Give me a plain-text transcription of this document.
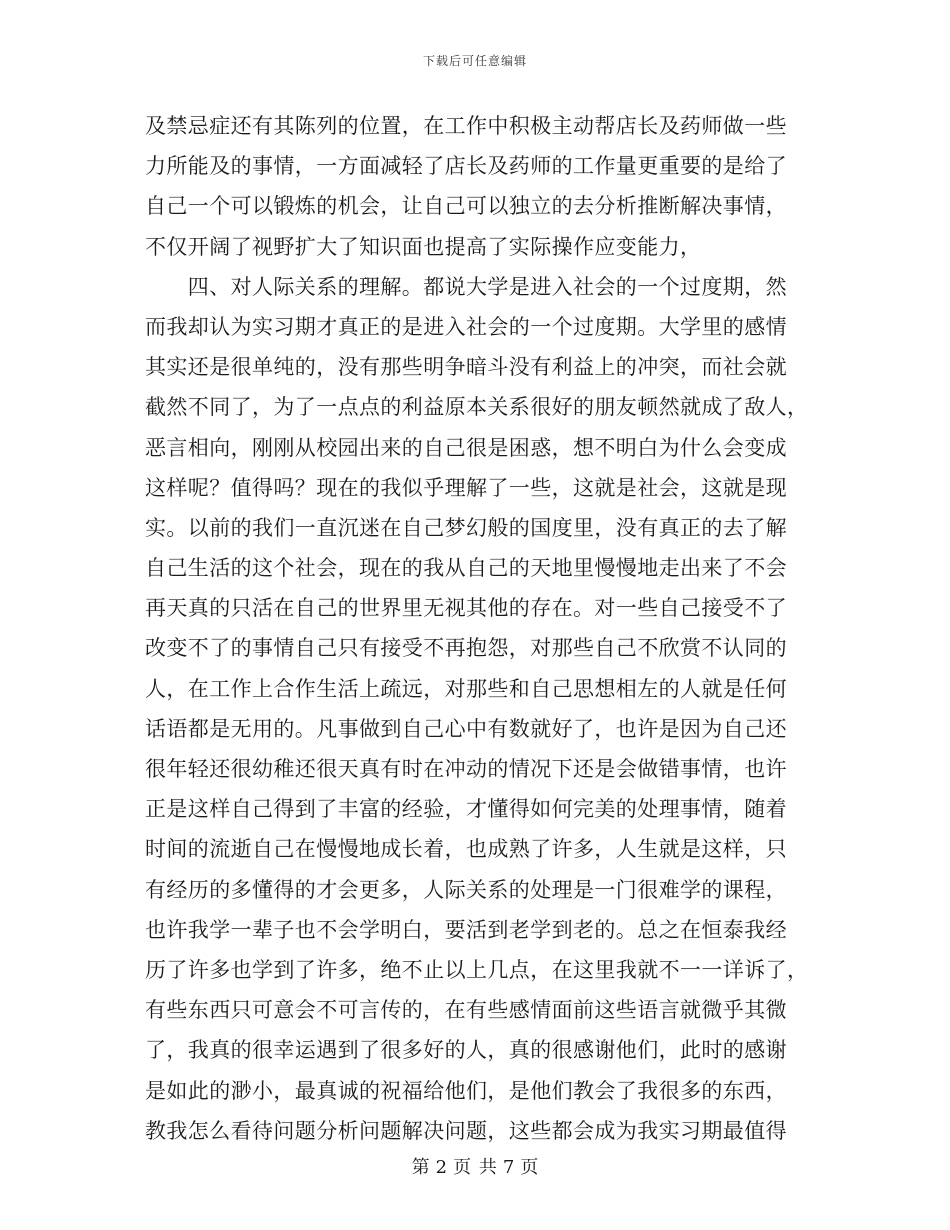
下载后可任意编辑
及禁忌症还有其陈列的位置，在工作中积极主动帮店长及药师做一些
力所能及的事情，一方面减轻了店长及药师的工作量更重要的是给了
自己一个可以锻炼的机会，让自己可以独立的去分析推断解决事情，
不仅开阔了视野扩大了知识面也提高了实际操作应变能力，
　　四、对人际关系的理解。都说大学是进入社会的一个过度期，然
而我却认为实习期才真正的是进入社会的一个过度期。大学里的感情
其实还是很单纯的，没有那些明争暗斗没有利益上的冲突，而社会就
截然不同了，为了一点点的利益原本关系很好的朋友顿然就成了敌人，
恶言相向，刚刚从校园出来的自己很是困惑，想不明白为什么会变成
这样呢？值得吗？现在的我似乎理解了一些，这就是社会，这就是现
实。以前的我们一直沉迷在自己梦幻般的国度里，没有真正的去了解
自己生活的这个社会，现在的我从自己的天地里慢慢地走出来了不会
再天真的只活在自己的世界里无视其他的存在。对一些自己接受不了
改变不了的事情自己只有接受不再抱怨，对那些自己不欣赏不认同的
人，在工作上合作生活上疏远，对那些和自己思想相左的人就是任何
话语都是无用的。凡事做到自己心中有数就好了，也许是因为自己还
很年轻还很幼稚还很天真有时在冲动的情况下还是会做错事情，也许
正是这样自己得到了丰富的经验，才懂得如何完美的处理事情，随着
时间的流逝自己在慢慢地成长着，也成熟了许多，人生就是这样，只
有经历的多懂得的才会更多，人际关系的处理是一门很难学的课程，
也许我学一辈子也不会学明白，要活到老学到老的。总之在恒泰我经
历了许多也学到了许多，绝不止以上几点，在这里我就不一一详诉了，
有些东西只可意会不可言传的，在有些感情面前这些语言就微乎其微
了，我真的很幸运遇到了很多好的人，真的很感谢他们，此时的感谢
是如此的渺小，最真诚的祝福给他们，是他们教会了我很多的东西，
教我怎么看待问题分析问题解决问题，这些都会成为我实习期最值得
第 2 页 共 7 页
